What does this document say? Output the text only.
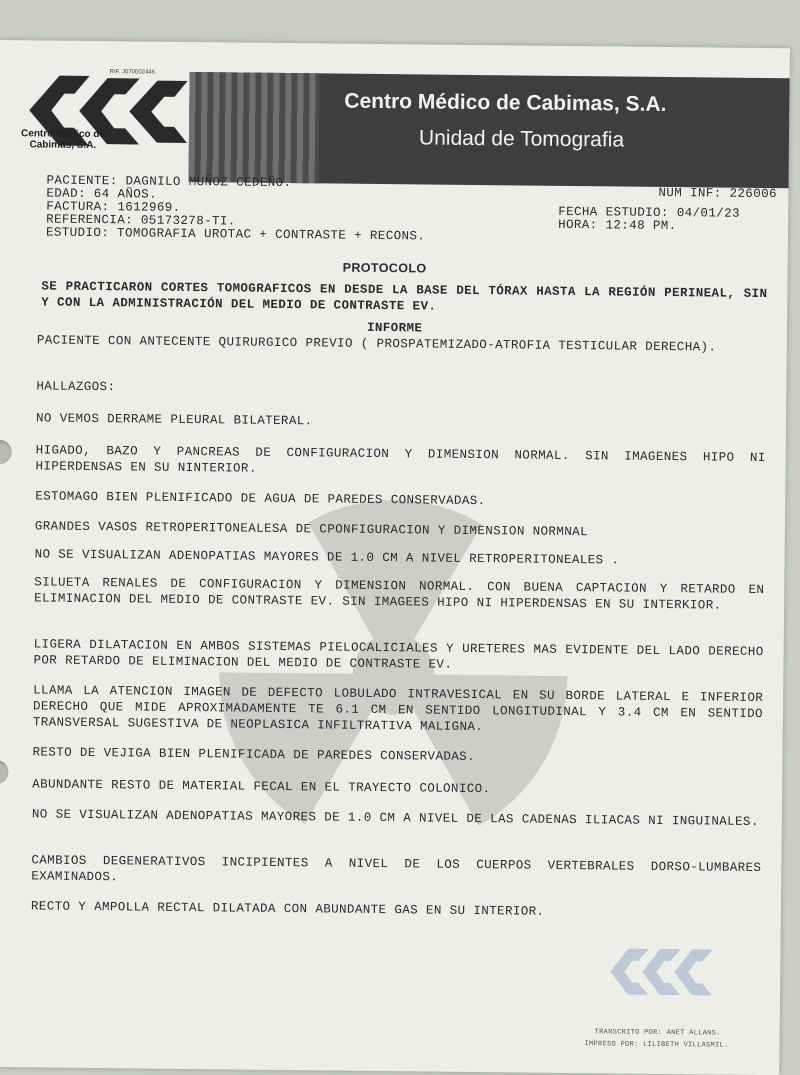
RIF. J070002446
Centro Médico de Cabimas, S.A.
Centro Médico de Cabimas, S.A.
Unidad de Tomografia
PACIENTE: DAGNILO MUÑOZ CEDEÑO.
EDAD: 64 AÑOS.
FACTURA: 1612969.
REFERENCIA: 05173278-TI.
ESTUDIO: TOMOGRAFIA UROTAC + CONTRASTE + RECONS.
NUM INF: 226006
FECHA ESTUDIO: 04/01/23
HORA: 12:48 PM.
PROTOCOLO
SE PRACTICARON CORTES TOMOGRAFICOS EN DESDE LA BASE DEL TÓRAX HASTA LA REGIÓN PERINEAL, SIN Y CON LA ADMINISTRACIÓN DEL MEDIO DE CONTRASTE EV.
INFORME
PACIENTE CON ANTECENTE QUIRURGICO PREVIO ( PROSPATEMIZADO-ATROFIA TESTICULAR DERECHA).
HALLAZGOS:
NO VEMOS DERRAME PLEURAL BILATERAL.
HIGADO, BAZO Y PANCREAS DE CONFIGURACION Y DIMENSION NORMAL. SIN IMAGENES HIPO NI HIPERDENSAS EN SU NINTERIOR.
ESTOMAGO BIEN PLENIFICADO DE AGUA DE PAREDES CONSERVADAS.
GRANDES VASOS RETROPERITONEALESA DE CPONFIGURACION Y DIMENSION NORMNAL
NO SE VISUALIZAN ADENOPATIAS MAYORES DE 1.0 CM A NIVEL RETROPERITONEALES .
SILUETA RENALES DE CONFIGURACION Y DIMENSION NORMAL. CON BUENA CAPTACION Y RETARDO EN ELIMINACION DEL MEDIO DE CONTRASTE EV. SIN IMAGEES HIPO NI HIPERDENSAS EN SU INTERKIOR.
LIGERA DILATACION EN AMBOS SISTEMAS PIELOCALICIALES Y URETERES MAS EVIDENTE DEL LADO DERECHO POR RETARDO DE ELIMINACION DEL MEDIO DE CONTRASTE EV.
LLAMA LA ATENCION IMAGEN DE DEFECTO LOBULADO INTRAVESICAL EN SU BORDE LATERAL E INFERIOR DERECHO QUE MIDE APROXIMADAMENTE TE 6.1 CM EN SENTIDO LONGITUDINAL Y 3.4 CM EN SENTIDO TRANSVERSAL SUGESTIVA DE NEOPLASICA INFILTRATIVA MALIGNA.
RESTO DE VEJIGA BIEN PLENIFICADA DE PAREDES CONSERVADAS.
ABUNDANTE RESTO DE MATERIAL FECAL EN EL TRAYECTO COLONICO.
NO SE VISUALIZAN ADENOPATIAS MAYORES DE 1.0 CM A NIVEL DE LAS CADENAS ILIACAS NI INGUINALES.
CAMBIOS DEGENERATIVOS INCIPIENTES A NIVEL DE LOS CUERPOS VERTEBRALES DORSO-LUMBARES EXAMINADOS.
RECTO Y AMPOLLA RECTAL DILATADA CON ABUNDANTE GAS EN SU INTERIOR.
TRANSCRITO POR: ANET ALLANS.
IMPRESO POR: LILIBETH VILLASMIL.
